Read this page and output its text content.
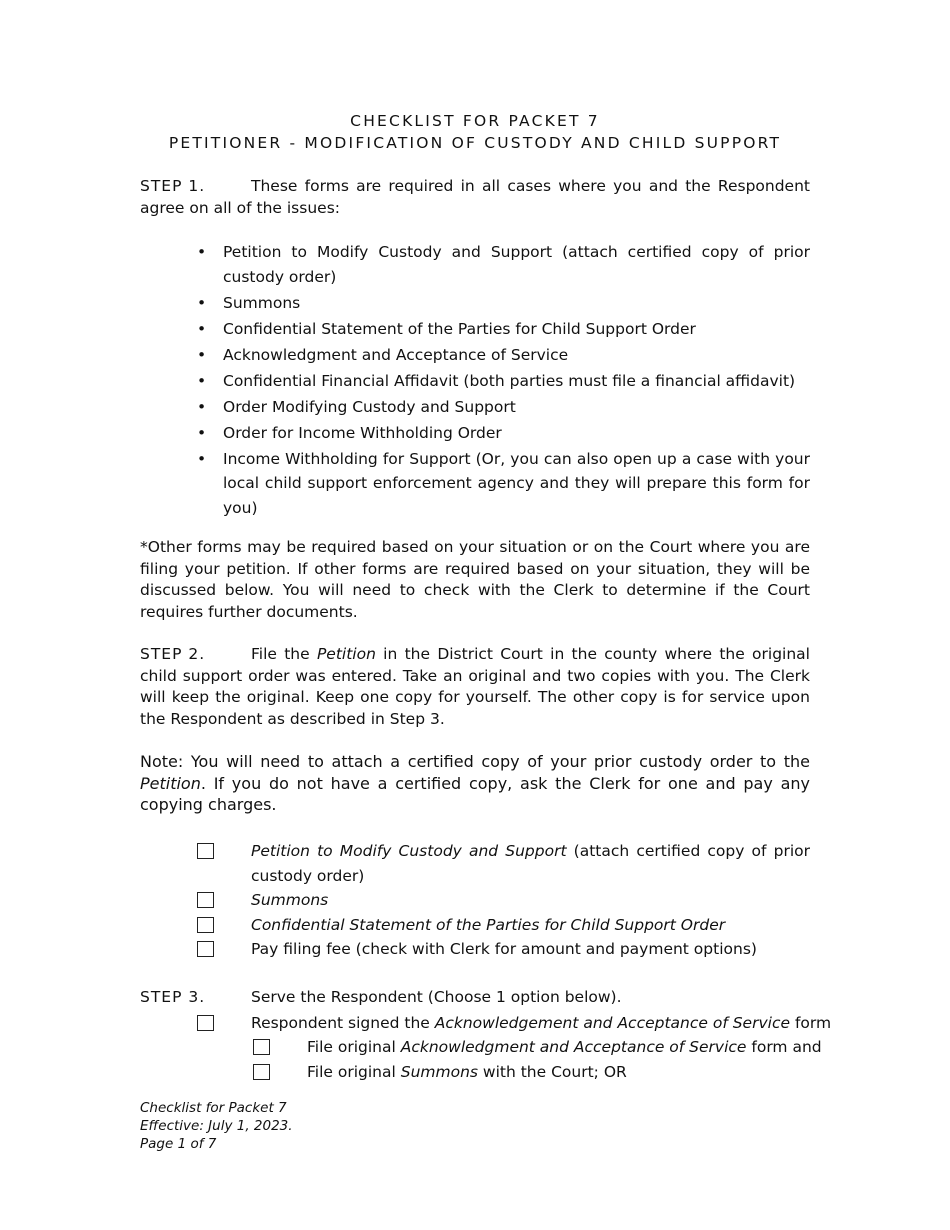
CHECKLIST FOR PACKET 7
PETITIONER - MODIFICATION OF CUSTODY AND CHILD SUPPORT
STEP 1.	These forms are required in all cases where you and the Respondent agree on all of the issues:
• Petition to Modify Custody and Support (attach certified copy of prior custody order)
• Summons
• Confidential Statement of the Parties for Child Support Order
• Acknowledgment and Acceptance of Service
• Confidential Financial Affidavit (both parties must file a financial affidavit)
• Order Modifying Custody and Support
• Order for Income Withholding Order
• Income Withholding for Support (Or, you can also open up a case with your local child support enforcement agency and they will prepare this form for you)
*Other forms may be required based on your situation or on the Court where you are filing your petition. If other forms are required based on your situation, they will be discussed below. You will need to check with the Clerk to determine if the Court requires further documents.
STEP 2.	File the Petition in the District Court in the county where the original child support order was entered. Take an original and two copies with you. The Clerk will keep the original. Keep one copy for yourself. The other copy is for service upon the Respondent as described in Step 3.
Note: You will need to attach a certified copy of your prior custody order to the Petition. If you do not have a certified copy, ask the Clerk for one and pay any copying charges.
Petition to Modify Custody and Support (attach certified copy of prior custody order)
Summons
Confidential Statement of the Parties for Child Support Order
Pay filing fee (check with Clerk for amount and payment options)
STEP 3.	Serve the Respondent (Choose 1 option below).
Respondent signed the Acknowledgement and Acceptance of Service form
File original Acknowledgment and Acceptance of Service form and
File original Summons with the Court; OR
Checklist for Packet 7
Effective: July 1, 2023.
Page 1 of 7
